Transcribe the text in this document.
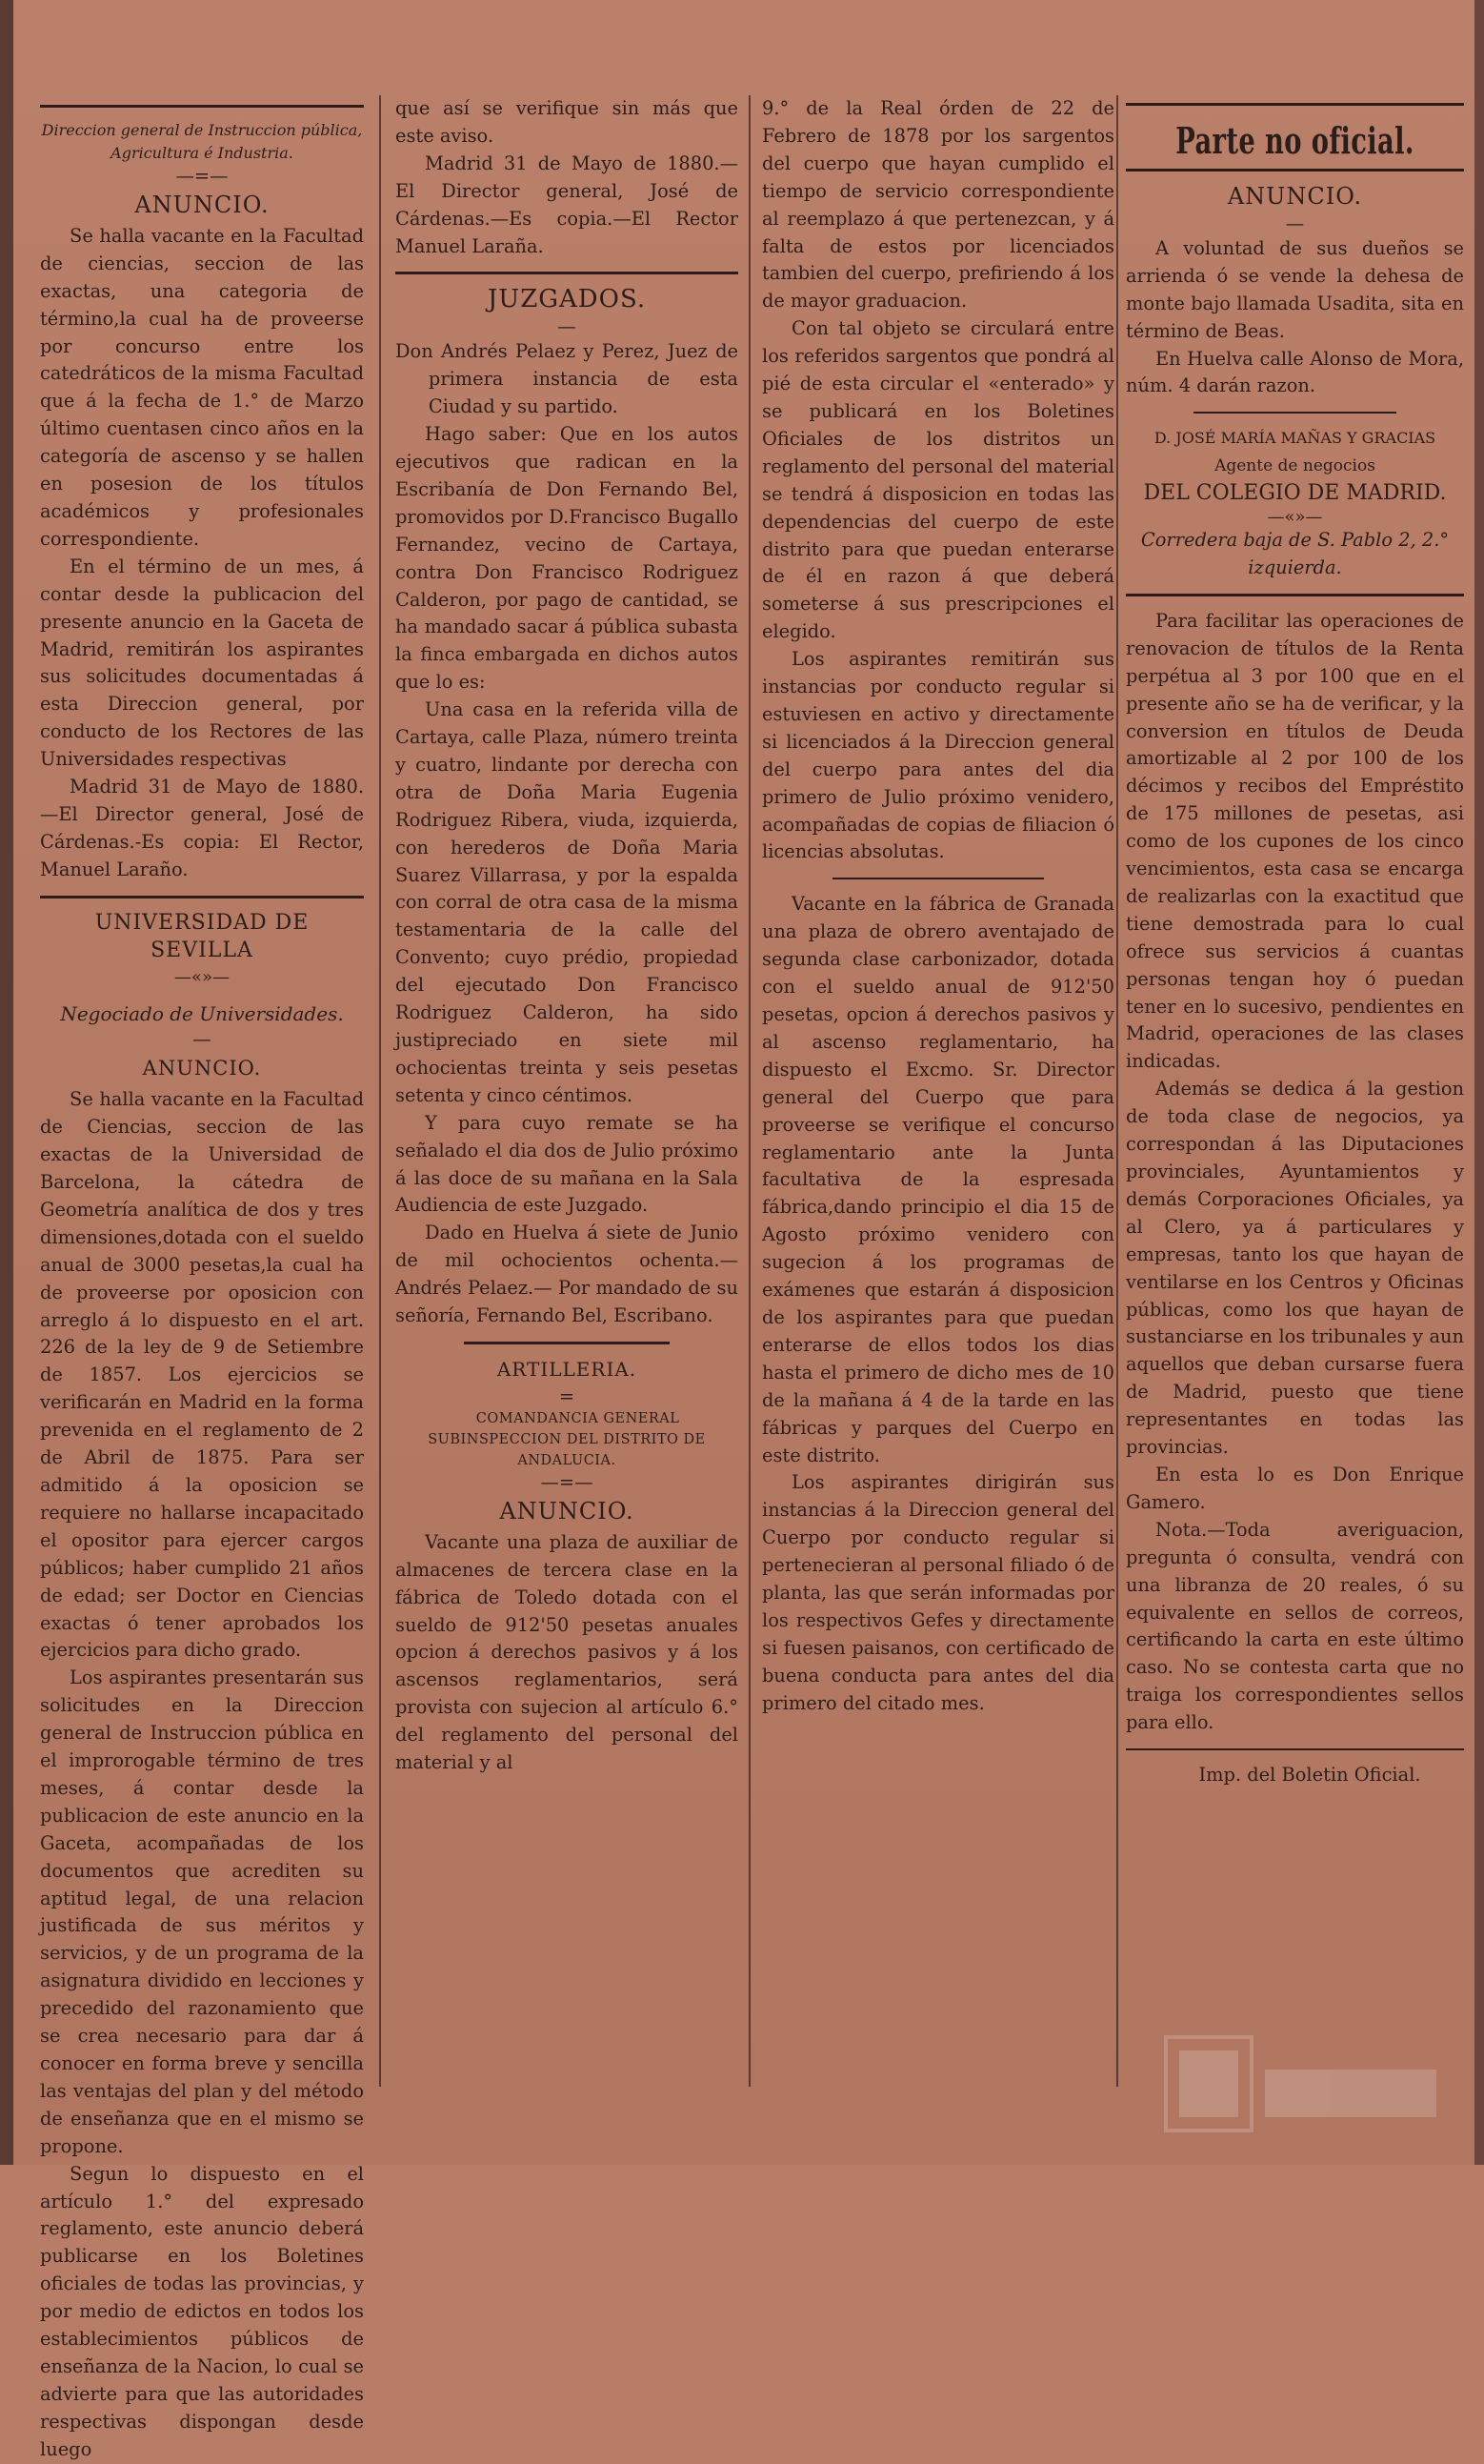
Direccion general de Instruccion pública, Agricultura é Industria.

—=—
ANUNCIO.

Se halla vacante en la Facultad de ciencias, seccion de las exactas, una categoria de término,la cual ha de proveerse por concurso entre los catedráticos de la misma Facultad que á la fecha de 1.° de Marzo último cuentasen cinco años en la categoría de ascenso y se hallen en posesion de los títulos académicos y profesionales correspondiente.

En el término de un mes, á contar desde la publicacion del presente anuncio en la Gaceta de Madrid, remitirán los aspirantes sus solicitudes documentadas á esta Direccion general, por conducto de los Rectores de las Universidades respectivas

Madrid 31 de Mayo de 1880. —El Director general, José de Cárdenas.-Es copia: El Rector, Manuel Laraño.

UNIVERSIDAD DE SEVILLA
—«»—

Negociado de Universidades.

—
ANUNCIO.

Se halla vacante en la Facultad de Ciencias, seccion de las exactas de la Universidad de Barcelona, la cátedra de Geometría analítica de dos y tres dimensiones,dotada con el sueldo anual de 3000 pesetas,la cual ha de proveerse por oposicion con arreglo á lo dispuesto en el art. 226 de la ley de 9 de Setiembre de 1857. Los ejercicios se verificarán en Madrid en la forma prevenida en el reglamento de 2 de Abril de 1875. Para ser admitido á la oposicion se requiere no hallarse incapacitado el opositor para ejercer cargos públicos; haber cumplido 21 años de edad; ser Doctor en Ciencias exactas ó tener aprobados los ejercicios para dicho grado.

Los aspirantes presentarán sus solicitudes en la Direccion general de Instruccion pública en el improrogable término de tres meses, á contar desde la publicacion de este anuncio en la Gaceta, acompañadas de los documentos que acrediten su aptitud legal, de una relacion justificada de sus méritos y servicios, y de un programa de la asignatura dividido en lecciones y precedido del razonamiento que se crea necesario para dar á conocer en forma breve y sencilla las ventajas del plan y del método de enseñanza que en el mismo se propone.

Segun lo dispuesto en el artículo 1.° del expresado reglamento, este anuncio deberá publicarse en los Boletines oficiales de todas las provincias, y por medio de edictos en todos los establecimientos públicos de enseñanza de la Nacion, lo cual se advierte para que las autoridades respectivas dispongan desde luego

que así se verifique sin más que este aviso.

Madrid 31 de Mayo de 1880.— El Director general, José de Cárdenas.—Es copia.—El Rector Manuel Laraña.

JUZGADOS.
—

Don Andrés Pelaez y Perez, Juez de primera instancia de esta Ciudad y su partido.

Hago saber: Que en los autos ejecutivos que radican en la Escribanía de Don Fernando Bel, promovidos por D.Francisco Bugallo Fernandez, vecino de Cartaya, contra Don Francisco Rodriguez Calderon, por pago de cantidad, se ha mandado sacar á pública subasta la finca embargada en dichos autos que lo es:

Una casa en la referida villa de Cartaya, calle Plaza, número treinta y cuatro, lindante por derecha con otra de Doña Maria Eugenia Rodriguez Ribera, viuda, izquierda, con herederos de Doña Maria Suarez Villarrasa, y por la espalda con corral de otra casa de la misma testamentaria de la calle del Convento; cuyo prédio, propiedad del ejecutado Don Francisco Rodriguez Calderon, ha sido justipreciado en siete mil ochocientas treinta y seis pesetas setenta y cinco céntimos.

Y para cuyo remate se ha señalado el dia dos de Julio próximo á las doce de su mañana en la Sala Audiencia de este Juzgado.

Dado en Huelva á siete de Junio de mil ochocientos ochenta.—Andrés Pelaez.— Por mandado de su señoría, Fernando Bel, Escribano.

ARTILLERIA.
=

COMANDANCIA GENERAL SUBINSPECCION DEL DISTRITO DE ANDALUCIA.

—=—
ANUNCIO.

Vacante una plaza de auxiliar de almacenes de tercera clase en la fábrica de Toledo dotada con el sueldo de 912'50 pesetas anuales opcion á derechos pasivos y á los ascensos reglamentarios, será provista con sujecion al artículo 6.° del reglamento del personal del material y al

9.° de la Real órden de 22 de Febrero de 1878 por los sargentos del cuerpo que hayan cumplido el tiempo de servicio correspondiente al reemplazo á que pertenezcan, y á falta de estos por licenciados tambien del cuerpo, prefiriendo á los de mayor graduacion.

Con tal objeto se circulará entre los referidos sargentos que pondrá al pié de esta circular el «enterado» y se publicará en los Boletines Oficiales de los distritos un reglamento del personal del material se tendrá á disposicion en todas las dependencias del cuerpo de este distrito para que puedan enterarse de él en razon á que deberá someterse á sus prescripciones el elegido.

Los aspirantes remitirán sus instancias por conducto regular si estuviesen en activo y directamente si licenciados á la Direccion general del cuerpo para antes del dia primero de Julio próximo venidero, acompañadas de copias de filiacion ó licencias absolutas.

Vacante en la fábrica de Granada una plaza de obrero aventajado de segunda clase carbonizador, dotada con el sueldo anual de 912'50 pesetas, opcion á derechos pasivos y al ascenso reglamentario, ha dispuesto el Excmo. Sr. Director general del Cuerpo que para proveerse se verifique el concurso reglamentario ante la Junta facultativa de la espresada fábrica,dando principio el dia 15 de Agosto próximo venidero con sugecion á los programas de exámenes que estarán á disposicion de los aspirantes para que puedan enterarse de ellos todos los dias hasta el primero de dicho mes de 10 de la mañana á 4 de la tarde en las fábricas y parques del Cuerpo en este distrito.

Los aspirantes dirigirán sus instancias á la Direccion general del Cuerpo por conducto regular si pertenecieran al personal filiado ó de planta, las que serán informadas por los respectivos Gefes y directamente si fuesen paisanos, con certificado de buena conducta para antes del dia primero del citado mes.

Parte no oficial.
ANUNCIO.
—

A voluntad de sus dueños se arrienda ó se vende la dehesa de monte bajo llamada Usadita, sita en término de Beas.

En Huelva calle Alonso de Mora, núm. 4 darán razon.

D. JOSÉ MARÍA MAÑAS Y GRACIAS

Agente de negocios

DEL COLEGIO DE MADRID.

—«»—

Corredera baja de S. Pablo 2, 2.° izquierda.

Para facilitar las operaciones de renovacion de títulos de la Renta perpétua al 3 por 100 que en el presente año se ha de verificar, y la conversion en títulos de Deuda amortizable al 2 por 100 de los décimos y recibos del Empréstito de 175 millones de pesetas, asi como de los cupones de los cinco vencimientos, esta casa se encarga de realizarlas con la exactitud que tiene demostrada para lo cual ofrece sus servicios á cuantas personas tengan hoy ó puedan tener en lo sucesivo, pendientes en Madrid, operaciones de las clases indicadas.

Además se dedica á la gestion de toda clase de negocios, ya correspondan á las Diputaciones provinciales, Ayuntamientos y demás Corporaciones Oficiales, ya al Clero, ya á particulares y empresas, tanto los que hayan de ventilarse en los Centros y Oficinas públicas, como los que hayan de sustanciarse en los tribunales y aun aquellos que deban cursarse fuera de Madrid, puesto que tiene representantes en todas las provincias.

En esta lo es Don Enrique Gamero.

Nota.—Toda averiguacion, pregunta ó consulta, vendrá con una libranza de 20 reales, ó su equivalente en sellos de correos, certificando la carta en este último caso. No se contesta carta que no traiga los correspondientes sellos para ello.

Imp. del Boletin Oficial.
